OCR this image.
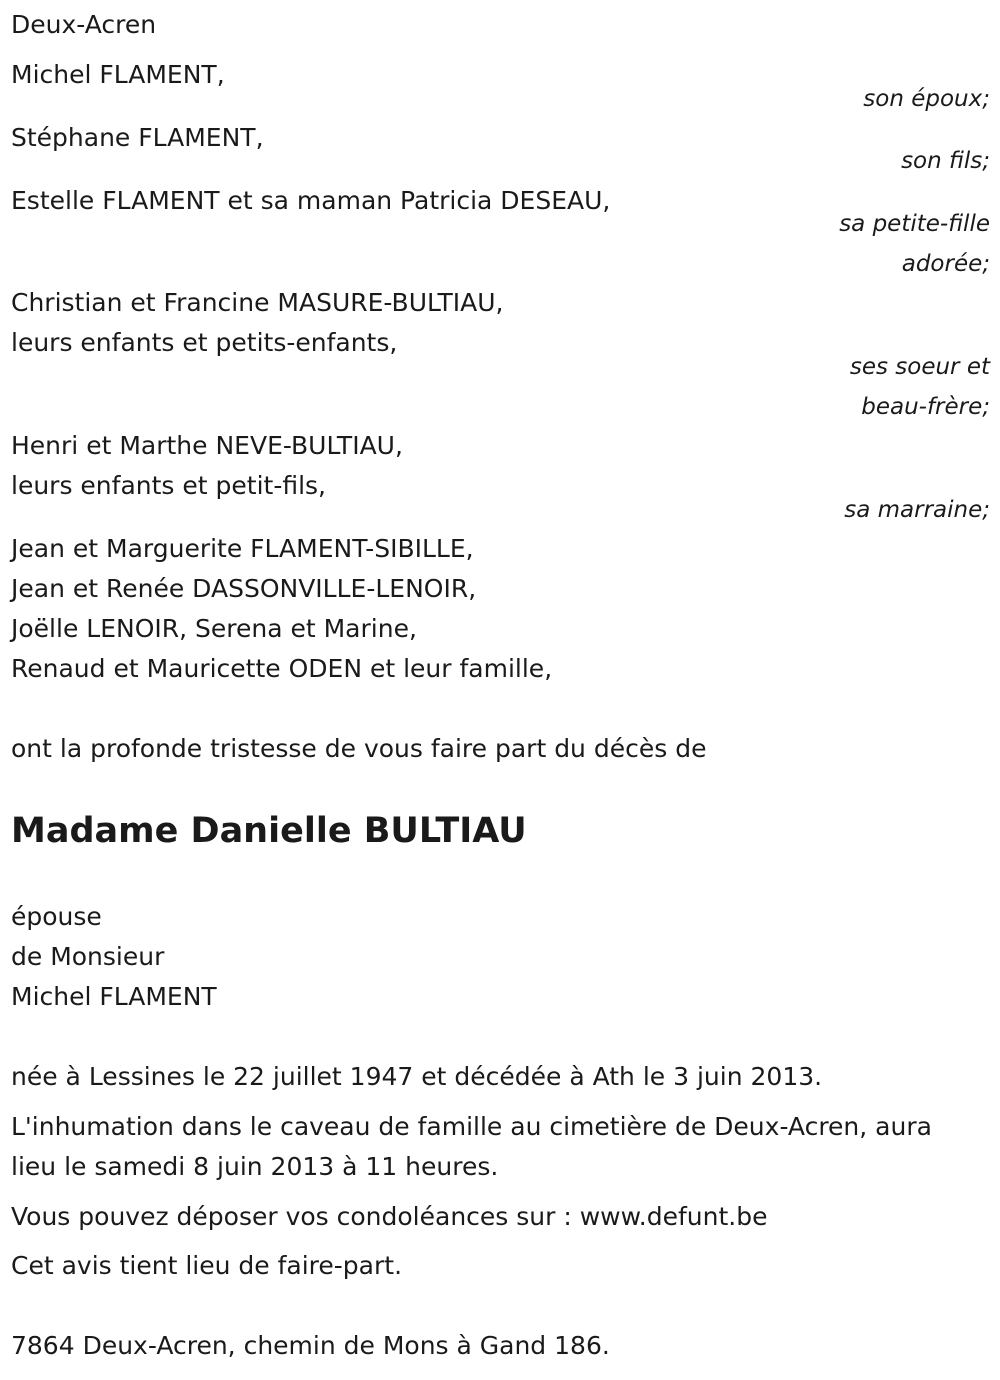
Deux-Acren
Michel FLAMENT,
son époux;
Stéphane FLAMENT,
son fils;
Estelle FLAMENT et sa maman Patricia DESEAU,
sa petite-fille
adorée;
Christian et Francine MASURE-BULTIAU,
leurs enfants et petits-enfants,
ses soeur et
beau-frère;
Henri et Marthe NEVE-BULTIAU,
leurs enfants et petit-fils,
sa marraine;
Jean et Marguerite FLAMENT-SIBILLE,
Jean et Renée DASSONVILLE-LENOIR,
Joëlle LENOIR, Serena et Marine,
Renaud et Mauricette ODEN et leur famille,
ont la profonde tristesse de vous faire part du décès de
Madame Danielle BULTIAU
épouse
de Monsieur
Michel FLAMENT
née à Lessines le 22 juillet 1947 et décédée à Ath le 3 juin 2013.
L'inhumation dans le caveau de famille au cimetière de Deux-Acren, aura
lieu le samedi 8 juin 2013 à 11 heures.
Vous pouvez déposer vos condoléances sur : www.defunt.be
Cet avis tient lieu de faire-part.
7864 Deux-Acren, chemin de Mons à Gand 186.
